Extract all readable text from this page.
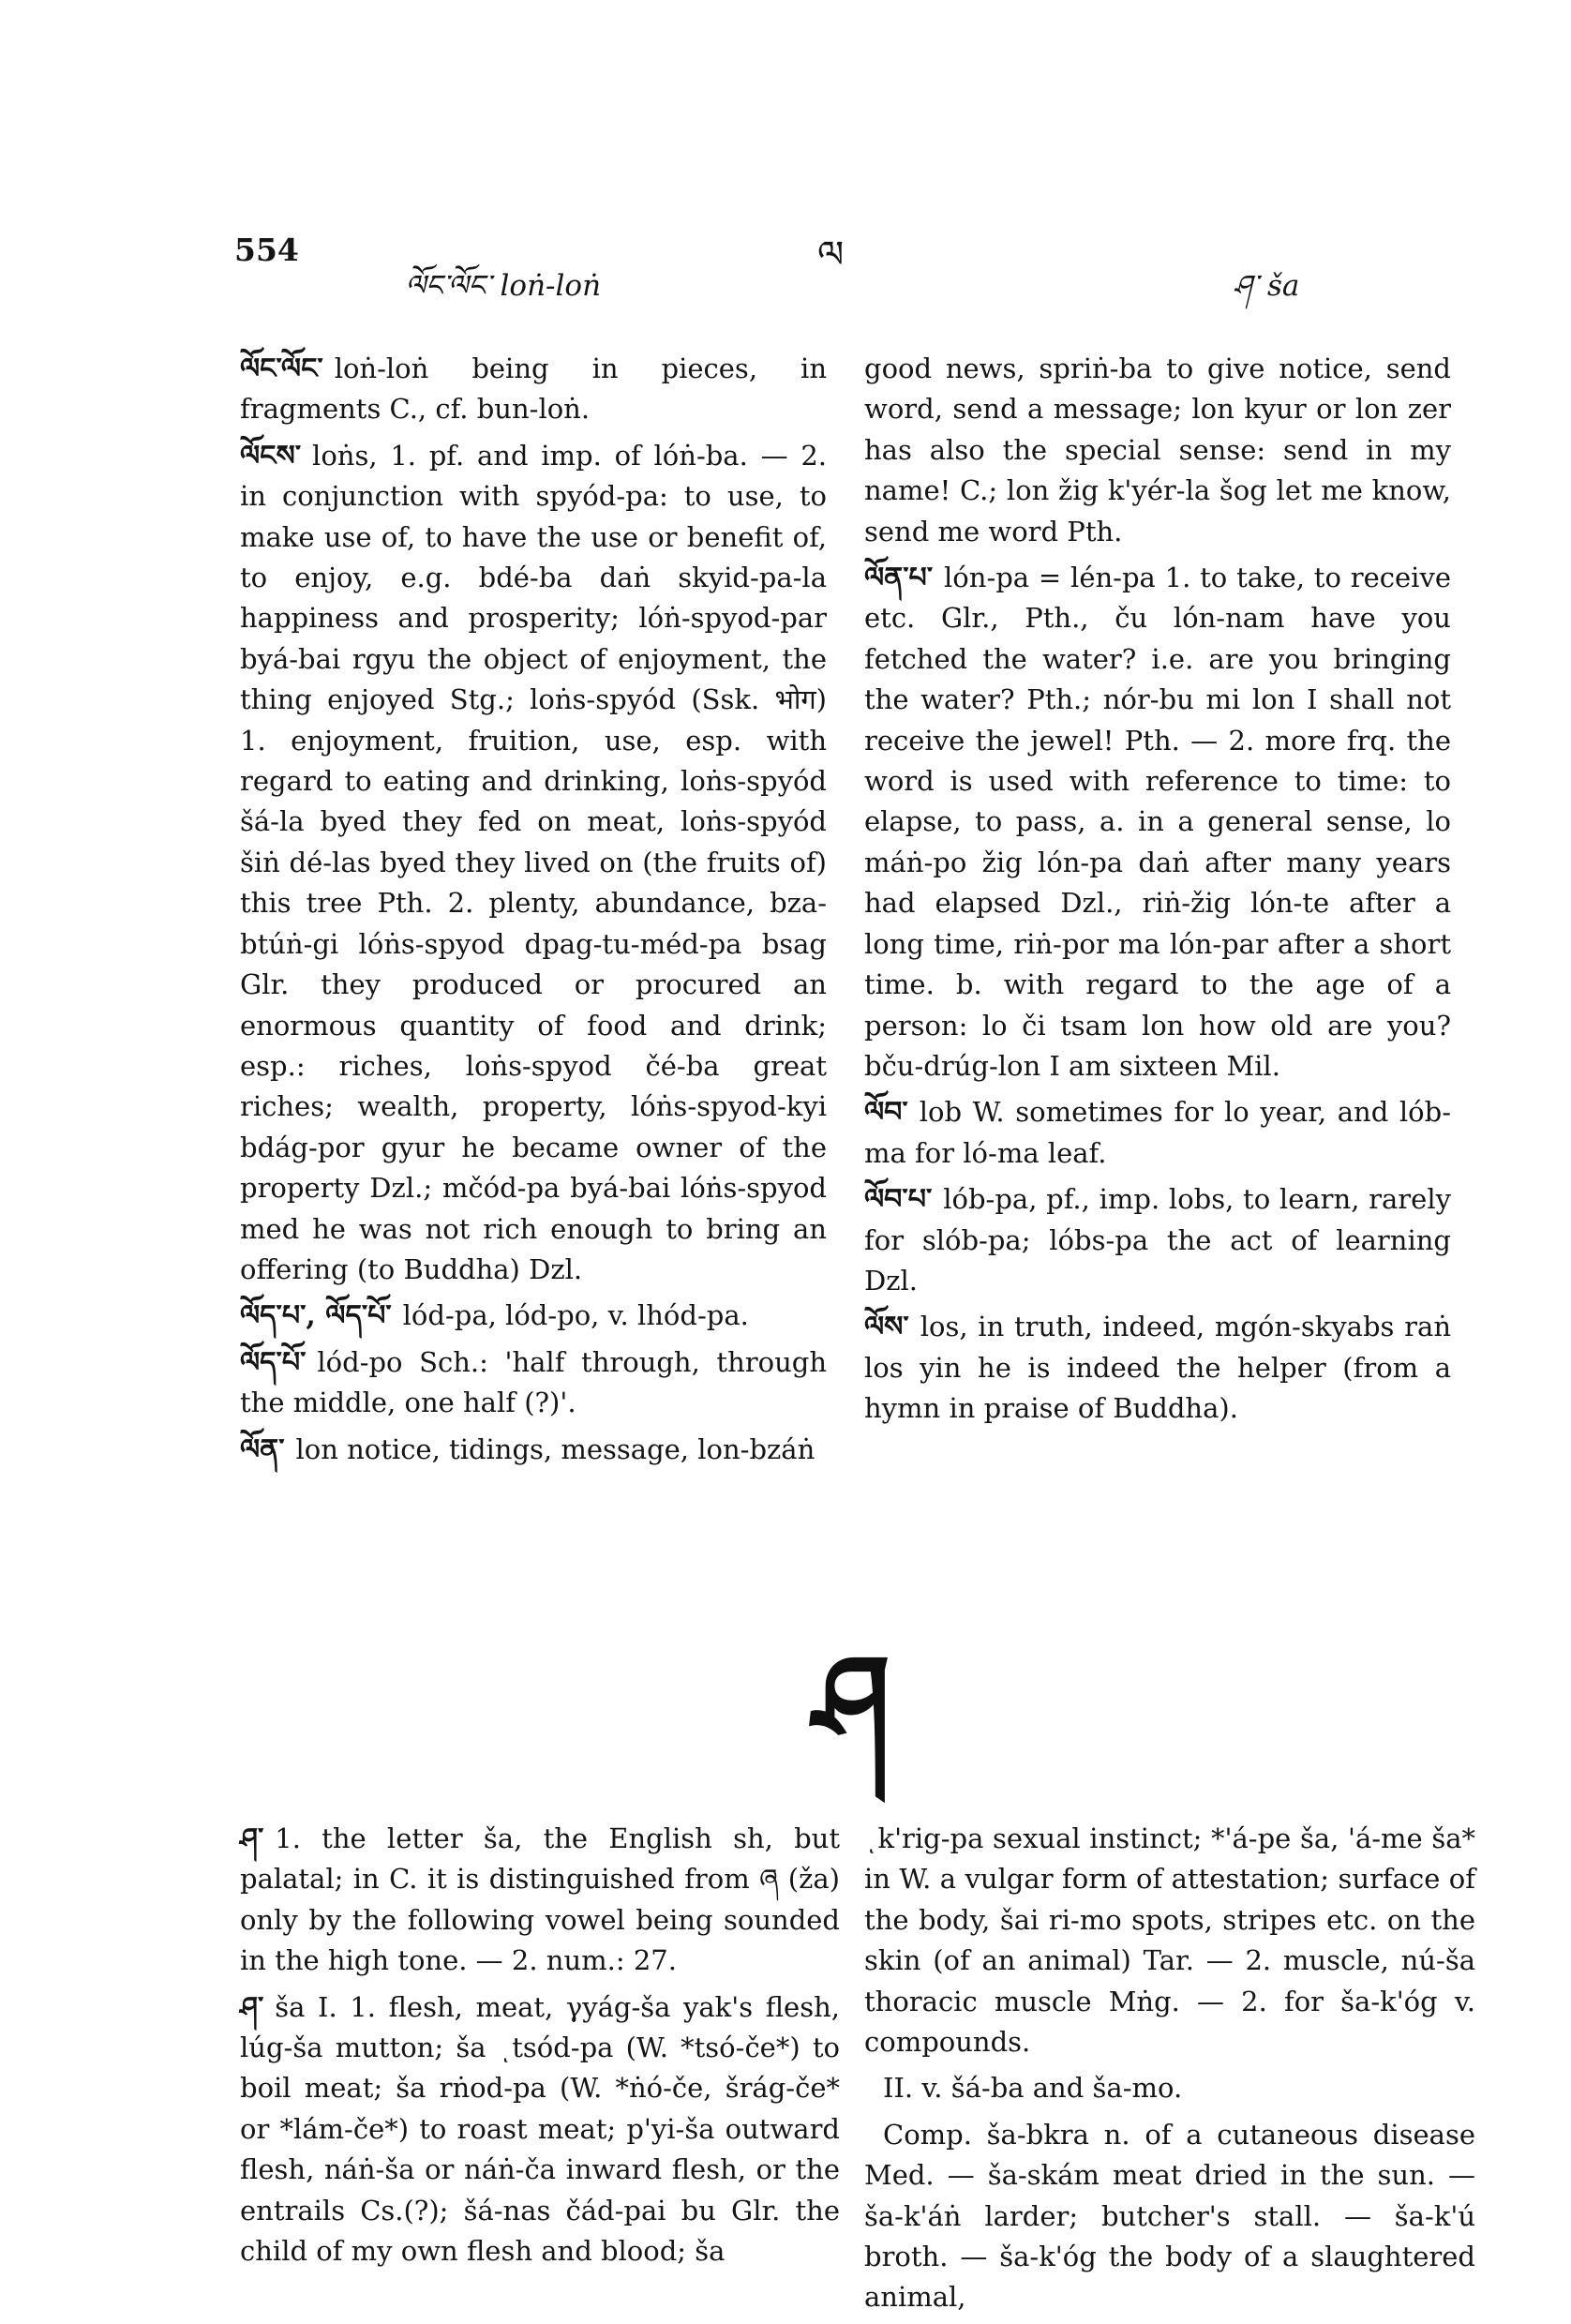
554
ལོང་ལོང་ loṅ-loṅ
ལ
ཤ་ ša

ལོང་ལོང་ loṅ-loṅ being in pieces, in fragments C., cf. bun-loṅ.

ལོངས་ loṅs, 1. pf. and imp. of lóṅ-ba. — 2. in conjunction with spyód-pa: to use, to make use of, to have the use or benefit of, to enjoy, e.g. bdé-ba daṅ skyid-pa-la happiness and prosperity; lóṅ-spyod-par byá-bai rgyu the object of enjoyment, the thing enjoyed Stg.; loṅs-spyód (Ssk. भोग) 1. enjoyment, fruition, use, esp. with regard to eating and drinking, loṅs-spyód šá-la byed they fed on meat, loṅs-spyód šiṅ dé-las byed they lived on (the fruits of) this tree Pth. 2. plenty, abundance, bza-btúṅ-gi lóṅs-spyod dpag-tu-méd-pa bsag Glr. they produced or procured an enormous quantity of food and drink; esp.: riches, loṅs-spyod čé-ba great riches; wealth, property, lóṅs-spyod-kyi bdág-por gyur he became owner of the property Dzl.; mčód-pa byá-bai lóṅs-spyod med he was not rich enough to bring an offering (to Buddha) Dzl.

ལོད་པ་, ལོད་པོ་ lód-pa, lód-po, v. lhód-pa.

ལོད་པོ་ lód-po Sch.: 'half through, through the middle, one half (?)'.

ལོན་ lon notice, tidings, message, lon-bzáṅ

good news, spriṅ-ba to give notice, send word, send a message; lon kyur or lon zer has also the special sense: send in my name! C.; lon žig k'yér-la šog let me know, send me word Pth.

ལོན་པ་ lón-pa = lén-pa 1. to take, to receive etc. Glr., Pth., ču lón-nam have you fetched the water? i.e. are you bringing the water? Pth.; nór-bu mi lon I shall not receive the jewel! Pth. — 2. more frq. the word is used with reference to time: to elapse, to pass, a. in a general sense, lo máṅ-po žig lón-pa daṅ after many years had elapsed Dzl., riṅ-žig lón-te after a long time, riṅ-por ma lón-par after a short time. b. with regard to the age of a person: lo či tsam lon how old are you? bču-drúg-lon I am sixteen Mil.

ལོབ་ lob W. sometimes for lo year, and lób-ma for ló-ma leaf.

ལོབ་པ་ lób-pa, pf., imp. lobs, to learn, rarely for slób-pa; lóbs-pa the act of learning Dzl.

ལོས་ los, in truth, indeed, mgón-skyabs raṅ los yin he is indeed the helper (from a hymn in praise of Buddha).

ཤ

ཤ་ 1. the letter ša, the English sh, but palatal; in C. it is distinguished from ཞ (ža) only by the following vowel being sounded in the high tone. — 2. num.: 27.

ཤ་ ša I. 1. flesh, meat, γyág-ša yak's flesh, lúg-ša mutton; ša ͺtsód-pa (W. *tsó-če*) to boil meat; ša rṅod-pa (W. *ṅó-če, šrág-če* or *lám-če*) to roast meat; p'yi-ša outward flesh, náṅ-ša or náṅ-ča inward flesh, or the entrails Cs.(?); šá-nas čád-pai bu Glr. the child of my own flesh and blood; ša

ͺk'rig-pa sexual instinct; *'á-pe ša, 'á-me ša* in W. a vulgar form of attestation; surface of the body, šai ri-mo spots, stripes etc. on the skin (of an animal) Tar. — 2. muscle, nú-ša thoracic muscle Mṅg. — 2. for ša-k'óg v. compounds.

II. v. šá-ba and ša-mo.

Comp. ša-bkra n. of a cutaneous disease Med. — ša-skám meat dried in the sun. — ša-k'áṅ larder; butcher's stall. — ša-k'ú broth. — ša-k'óg the body of a slaughtered animal,
